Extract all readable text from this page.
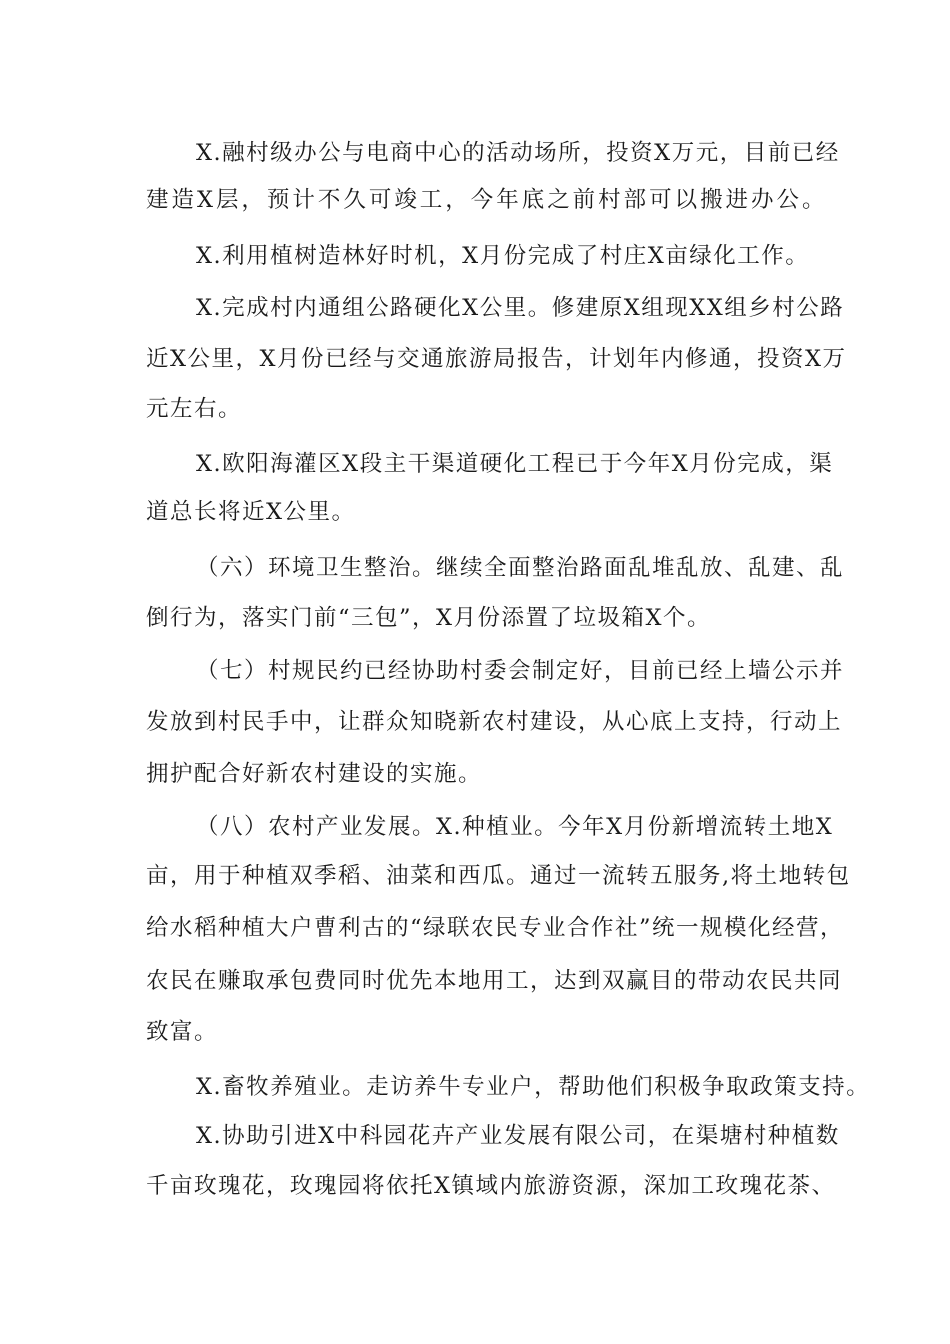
X.融村级办公与电商中心的活动场所，投资X万元，目前已经
建造X层，预计不久可竣工，今年底之前村部可以搬进办公。
X.利用植树造林好时机，X月份完成了村庄X亩绿化工作。
X.完成村内通组公路硬化X公里。修建原X组现XX组乡村公路
近X公里，X月份已经与交通旅游局报告，计划年内修通，投资X万
元左右。
X.欧阳海灌区X段主干渠道硬化工程已于今年X月份完成，渠
道总长将近X公里。
（六）环境卫生整治。继续全面整治路面乱堆乱放、乱建、乱
倒行为，落实门前“三包”，X月份添置了垃圾箱X个。
（七）村规民约已经协助村委会制定好，目前已经上墙公示并
发放到村民手中，让群众知晓新农村建设，从心底上支持，行动上
拥护配合好新农村建设的实施。
（八）农村产业发展。X.种植业。今年X月份新增流转土地X
亩，用于种植双季稻、油菜和西瓜。通过一流转五服务,将土地转包
给水稻种植大户曹利古的“绿联农民专业合作社”统一规模化经营，
农民在赚取承包费同时优先本地用工，达到双赢目的带动农民共同
致富。
X.畜牧养殖业。走访养牛专业户，帮助他们积极争取政策支持。
X.协助引进X中科园花卉产业发展有限公司，在渠塘村种植数
千亩玫瑰花，玫瑰园将依托X镇域内旅游资源，深加工玫瑰花茶、
